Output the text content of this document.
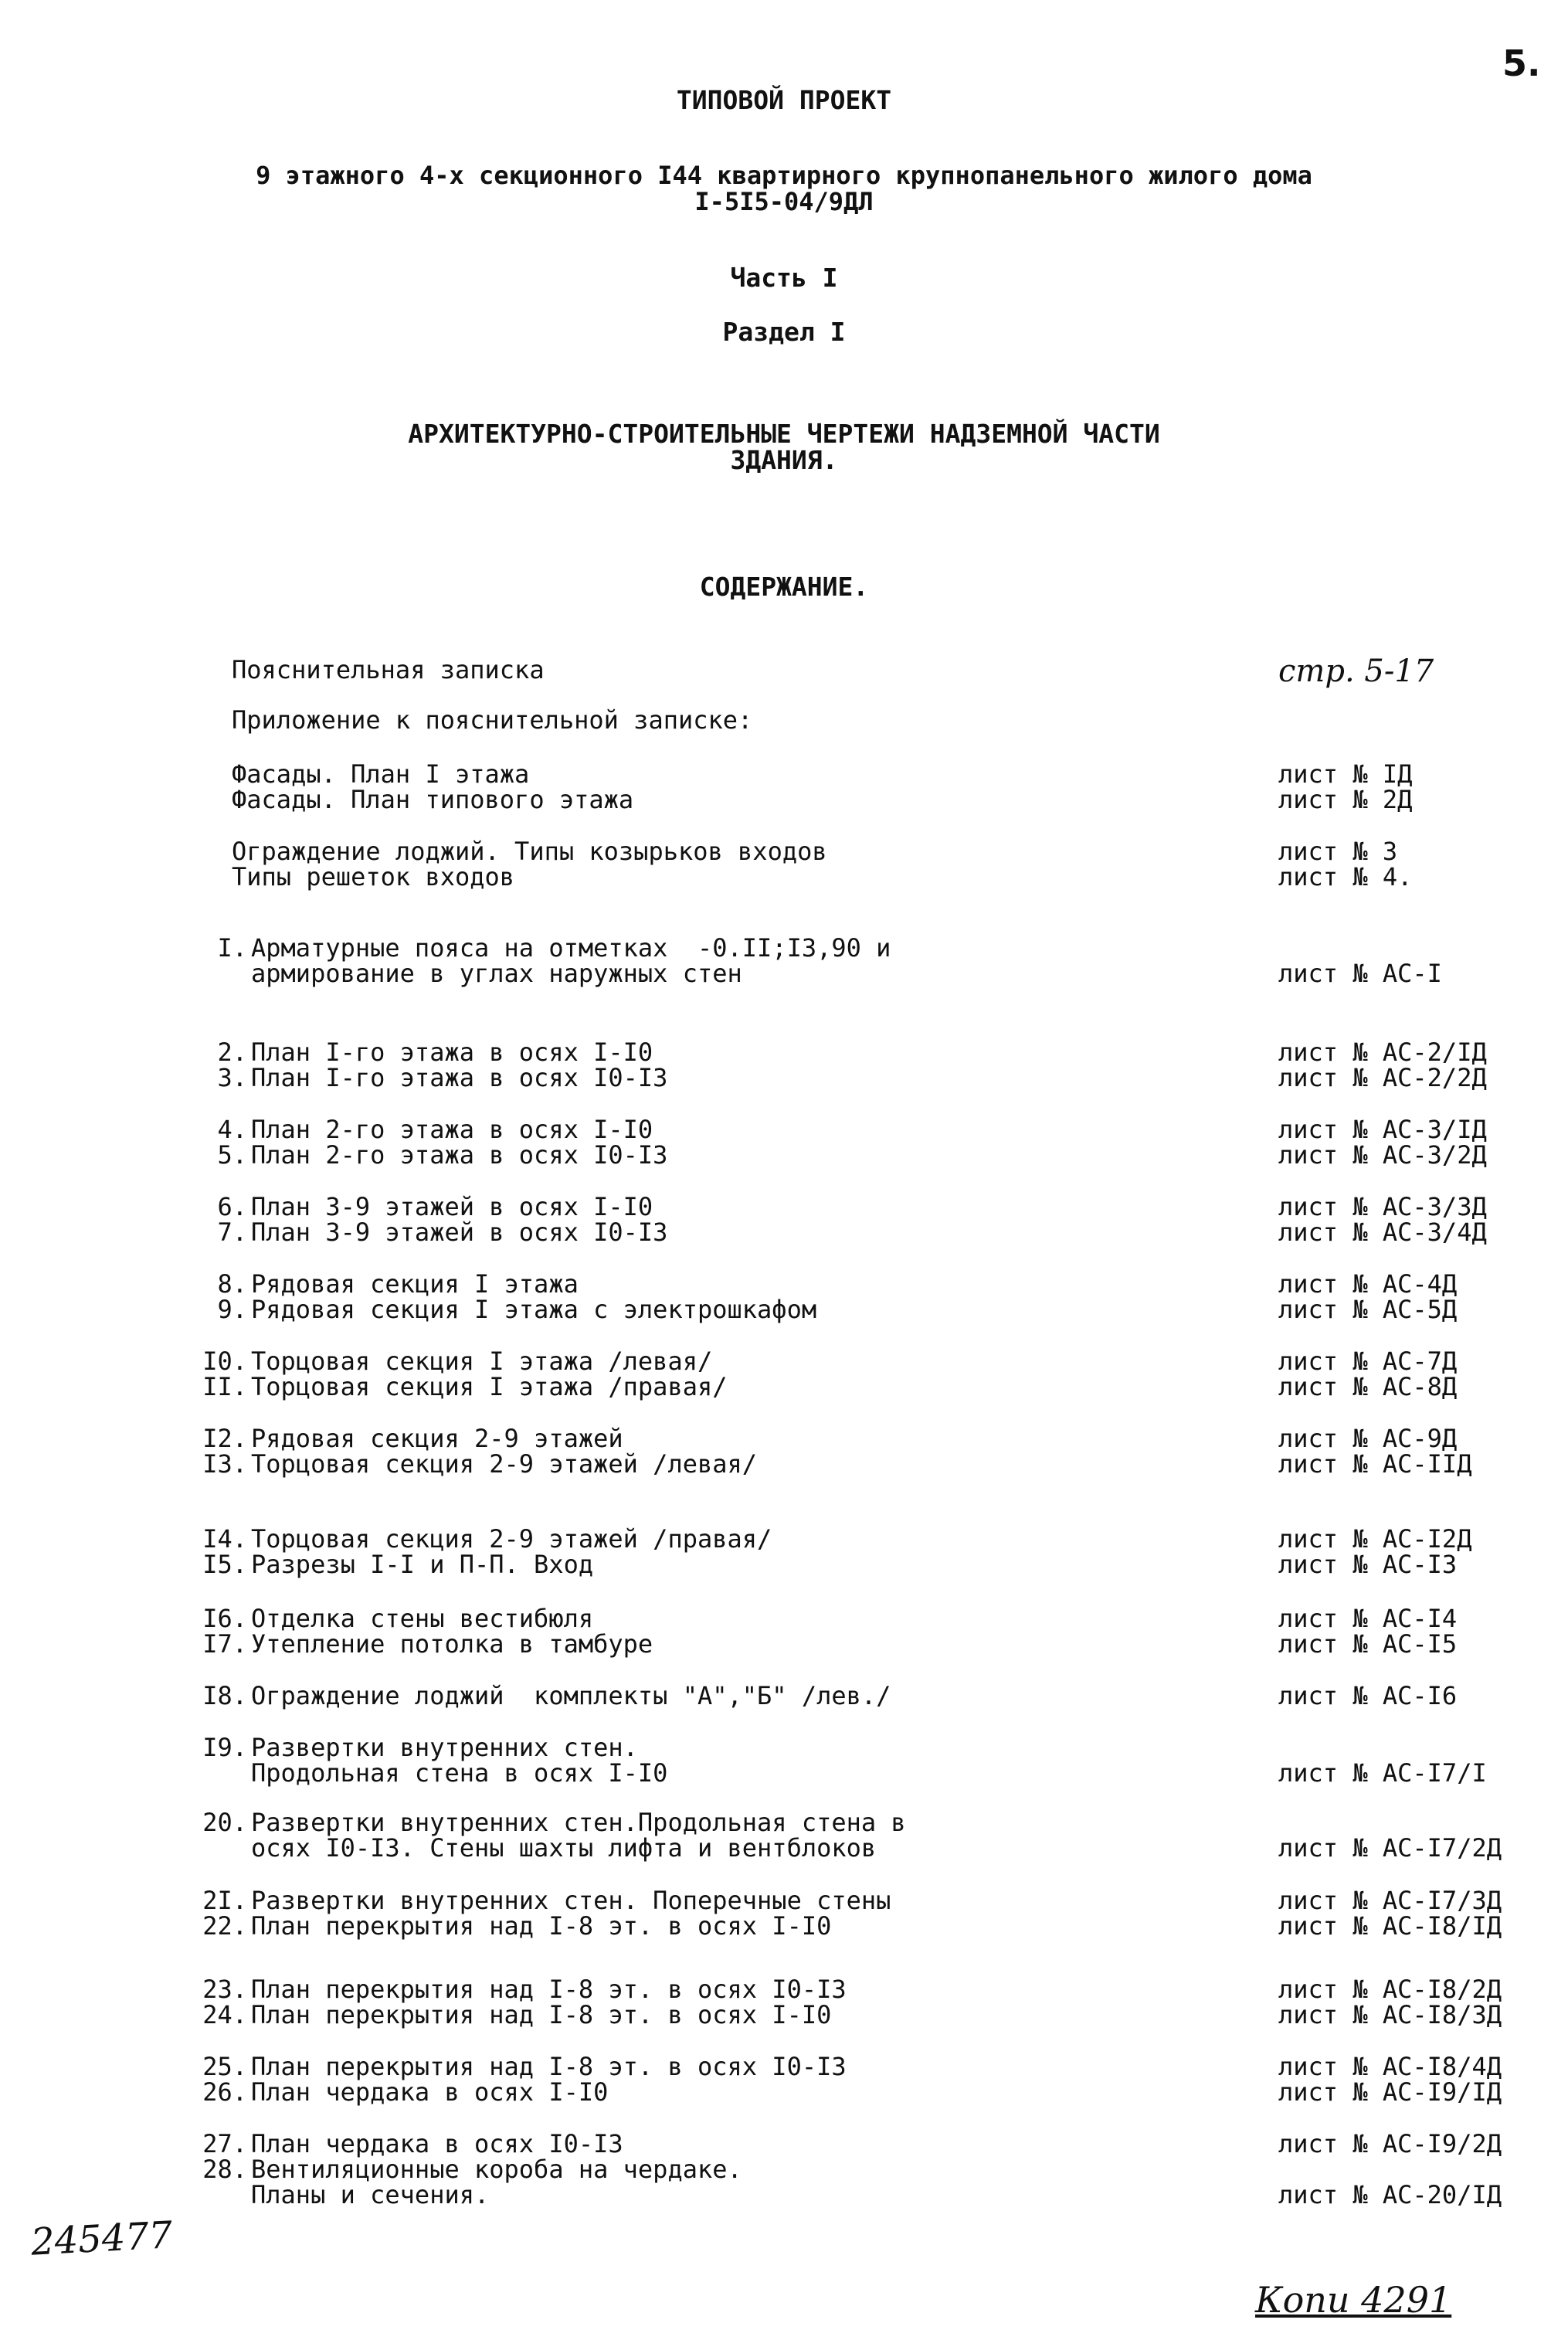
5.
ТИПОВОЙ ПРОЕКТ
9 этажного 4-х секционного I44 квартирного крупнопанельного жилого дома
I-5I5-04/9ДЛ
Часть I
Раздел I
АРХИТЕКТУРНО-СТРОИТЕЛЬНЫЕ ЧЕРТЕЖИ НАДЗЕМНОЙ ЧАСТИ
ЗДАНИЯ.
СОДЕРЖАНИЕ.
Пояснительная записка	стр. 5-17
Приложение к пояснительной записке:
Фасады. План I этажа	лист № IД
Фасады. План типового этажа	лист № 2Д
Ограждение лоджий. Типы козырьков входов	лист № 3
Типы решеток входов	лист № 4.
I. Арматурные пояса на отметках  -0.II;I3,90 и
армирование в углах наружных стен	лист № АС-I
2. План I-го этажа в осях I-I0	лист № АС-2/IД
3. План I-го этажа в осях I0-I3	лист № АС-2/2Д
4. План 2-го этажа в осях I-I0	лист № АС-3/IД
5. План 2-го этажа в осях I0-I3	лист № АС-3/2Д
6. План 3-9 этажей в осях I-I0	лист № АС-3/3Д
7. План 3-9 этажей в осях I0-I3	лист № АС-3/4Д
8. Рядовая секция I этажа	лист № АС-4Д
9. Рядовая секция I этажа с электрошкафом	лист № АС-5Д
I0. Торцовая секция I этажа /левая/	лист № АС-7Д
II. Торцовая секция I этажа /правая/	лист № АС-8Д
I2. Рядовая секция 2-9 этажей	лист № АС-9Д
I3. Торцовая секция 2-9 этажей /левая/	лист № АС-IIД
I4. Торцовая секция 2-9 этажей /правая/	лист № АС-I2Д
I5. Разрезы I-I и П-П. Вход	лист № АС-I3
I6. Отделка стены вестибюля	лист № АС-I4
I7. Утепление потолка в тамбуре	лист № АС-I5
I8. Ограждение лоджий  комплекты "А","Б" /лев./	лист № АС-I6
I9. Развертки внутренних стен.
Продольная стена в осях I-I0	лист № АС-I7/I
20. Развертки внутренних стен.Продольная стена в
осях I0-I3. Стены шахты лифта и вентблоков	лист № АС-I7/2Д
2I. Развертки внутренних стен. Поперечные стены	лист № АС-I7/3Д
22. План перекрытия над I-8 эт. в осях I-I0	лист № АС-I8/IД
23. План перекрытия над I-8 эт. в осях I0-I3	лист № АС-I8/2Д
24. План перекрытия над I-8 эт. в осях I-I0	лист № АС-I8/3Д
25. План перекрытия над I-8 эт. в осях I0-I3	лист № АС-I8/4Д
26. План чердака в осях I-I0	лист № АС-I9/IД
27. План чердака в осях I0-I3	лист № АС-I9/2Д
28. Вентиляционные короба на чердаке.
Планы и сечения.	лист № АС-20/IД
245477
Копи 4291
